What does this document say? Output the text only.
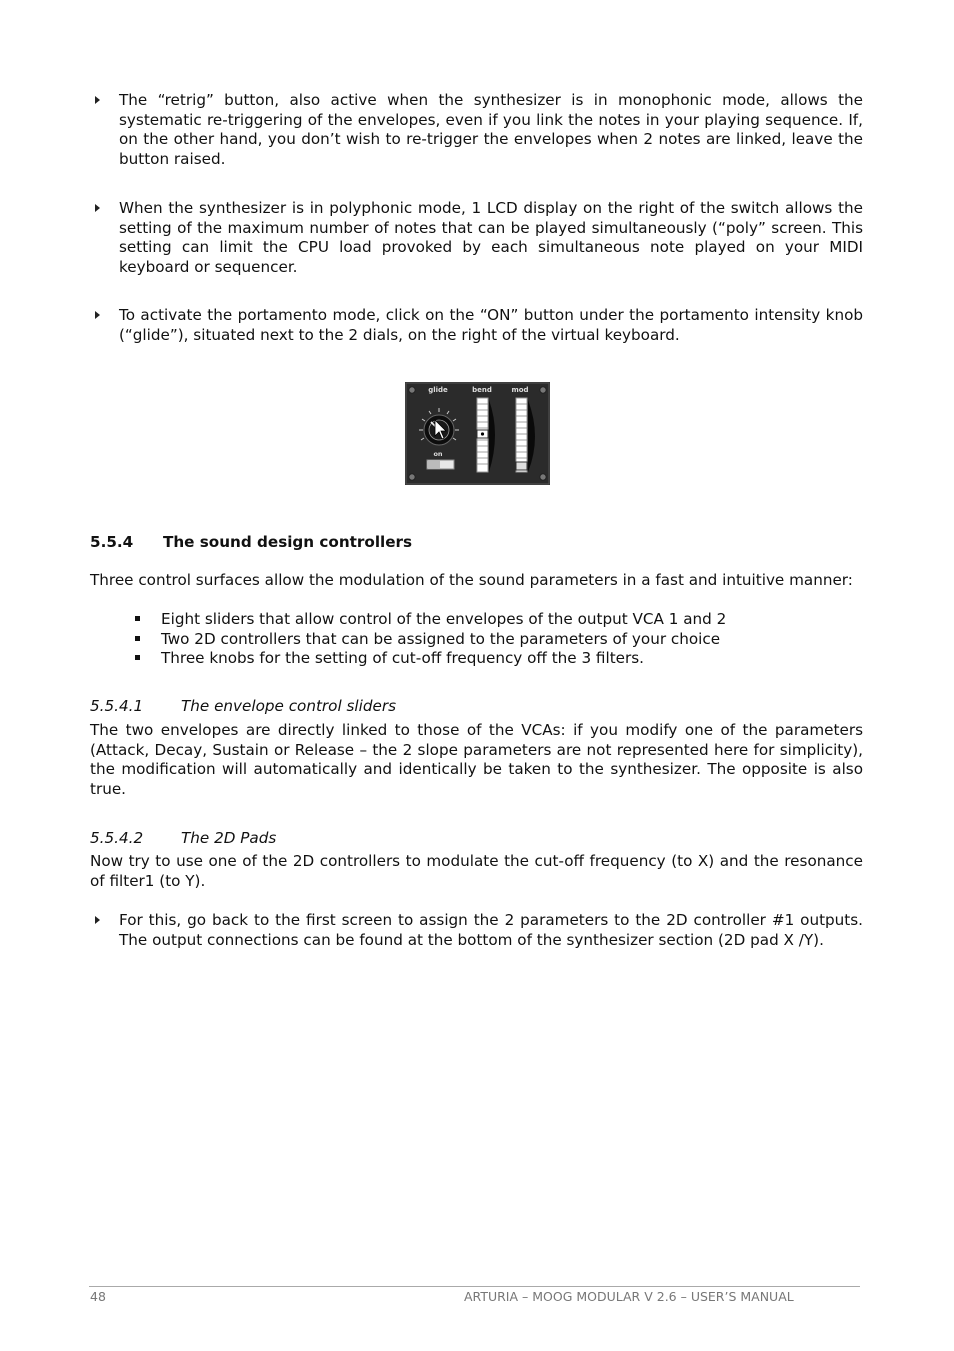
The “retrig” button, also active when the synthesizer is in monophonic mode, allows the systematic re-triggering of the envelopes, even if you link the notes in your playing sequence. If, on the other hand, you don’t wish to re-trigger the envelopes when 2 notes are linked, leave the button raised.
When the synthesizer is in polyphonic mode, 1 LCD display on the right of the switch allows the setting of the maximum number of notes that can be played simultaneously (“poly” screen. This setting can limit the CPU load provoked by each simultaneous note played on your MIDI keyboard or sequencer.
To activate the portamento mode, click on the “ON” button under the portamento intensity knob (“glide”), situated next to the 2 dials, on the right of the virtual keyboard.
glide	bend	mod
on
5.5.4 The sound design controllers

Three control surfaces allow the modulation of the sound parameters in a fast and intuitive manner:

Eight sliders that allow control of the envelopes of the output VCA 1 and 2
Two 2D controllers that can be assigned to the parameters of your choice
Three knobs for the setting of cut-off frequency off the 3 filters.
5.5.4.1 The envelope control sliders

The two envelopes are directly linked to those of the VCAs: if you modify one of the parameters (Attack, Decay, Sustain or Release – the 2 slope parameters are not represented here for simplicity), the modification will automatically and identically be taken to the synthesizer. The opposite is also true.

5.5.4.2 The 2D Pads

Now try to use one of the 2D controllers to modulate the cut-off frequency (to X) and the resonance of filter1 (to Y).

For this, go back to the first screen to assign the 2 parameters to the 2D controller #1 outputs. The output connections can be found at the bottom of the synthesizer section (2D pad X /Y).
48	ARTURIA – MOOG MODULAR V 2.6 – USER’S MANUAL
